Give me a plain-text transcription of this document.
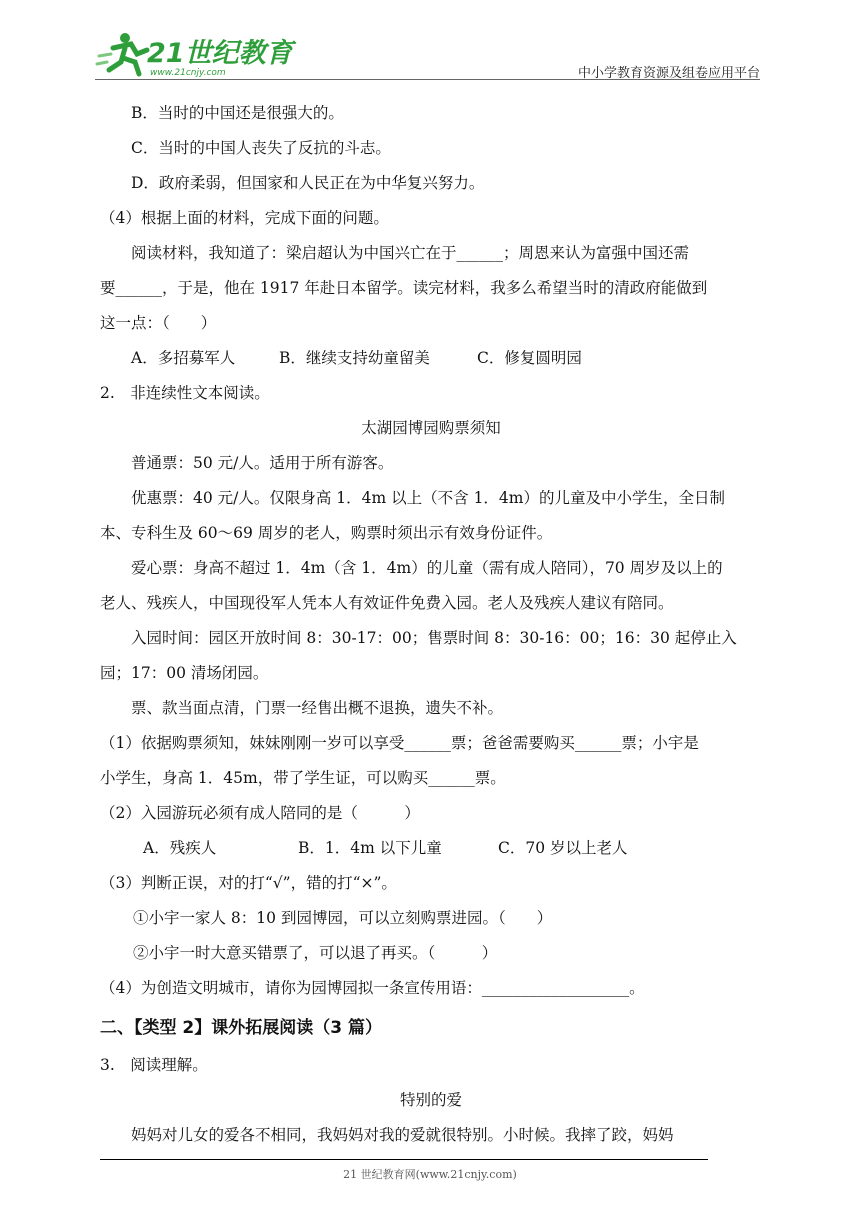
21世纪教育
www.21cnjy.com	中小学教育资源及组卷应用平台
B．当时的中国还是很强大的。
C．当时的中国人丧失了反抗的斗志。
D．政府柔弱，但国家和人民正在为中华复兴努力。
（4）根据上面的材料，完成下面的问题。
阅读材料，我知道了：梁启超认为中国兴亡在于______；周恩来认为富强中国还需
要______，于是，他在 1917 年赴日本留学。读完材料，我多么希望当时的清政府能做到
这一点：（　　）
A．多招募军人	B．继续支持幼童留美	C．修复圆明园
2.　非连续性文本阅读。
太湖园博园购票须知
普通票：50 元/人。适用于所有游客。
优惠票：40 元/人。仅限身高 1．4m 以上（不含 1．4m）的儿童及中小学生，全日制
本、专科生及 60～69 周岁的老人，购票时须出示有效身份证件。
爱心票：身高不超过 1．4m（含 1．4m）的儿童（需有成人陪同），70 周岁及以上的
老人、残疾人，中国现役军人凭本人有效证件免费入园。老人及残疾人建议有陪同。
入园时间：园区开放时间 8：30-17：00；售票时间 8：30-16：00；16：30 起停止入
园；17：00 清场闭园。
票、款当面点清，门票一经售出概不退换，遗失不补。
（1）依据购票须知，妹妹刚刚一岁可以享受______票；爸爸需要购买______票；小宇是
小学生，身高 1．45m，带了学生证，可以购买______票。
（2）入园游玩必须有成人陪同的是（　　　）
A．残疾人	B．1．4m 以下儿童	C．70 岁以上老人
（3）判断正误，对的打“√”，错的打“×”。
①小宇一家人 8：10 到园博园，可以立刻购票进园。（　　）
②小宇一时大意买错票了，可以退了再买。（　　　）
（4）为创造文明城市，请你为园博园拟一条宣传用语：___________________。
二、【类型 2】课外拓展阅读（3 篇）
3.　阅读理解。
特别的爱
妈妈对儿女的爱各不相同，我妈妈对我的爱就很特别。小时候。我摔了跤，妈妈
21 世纪教育网(www.21cnjy.com)
